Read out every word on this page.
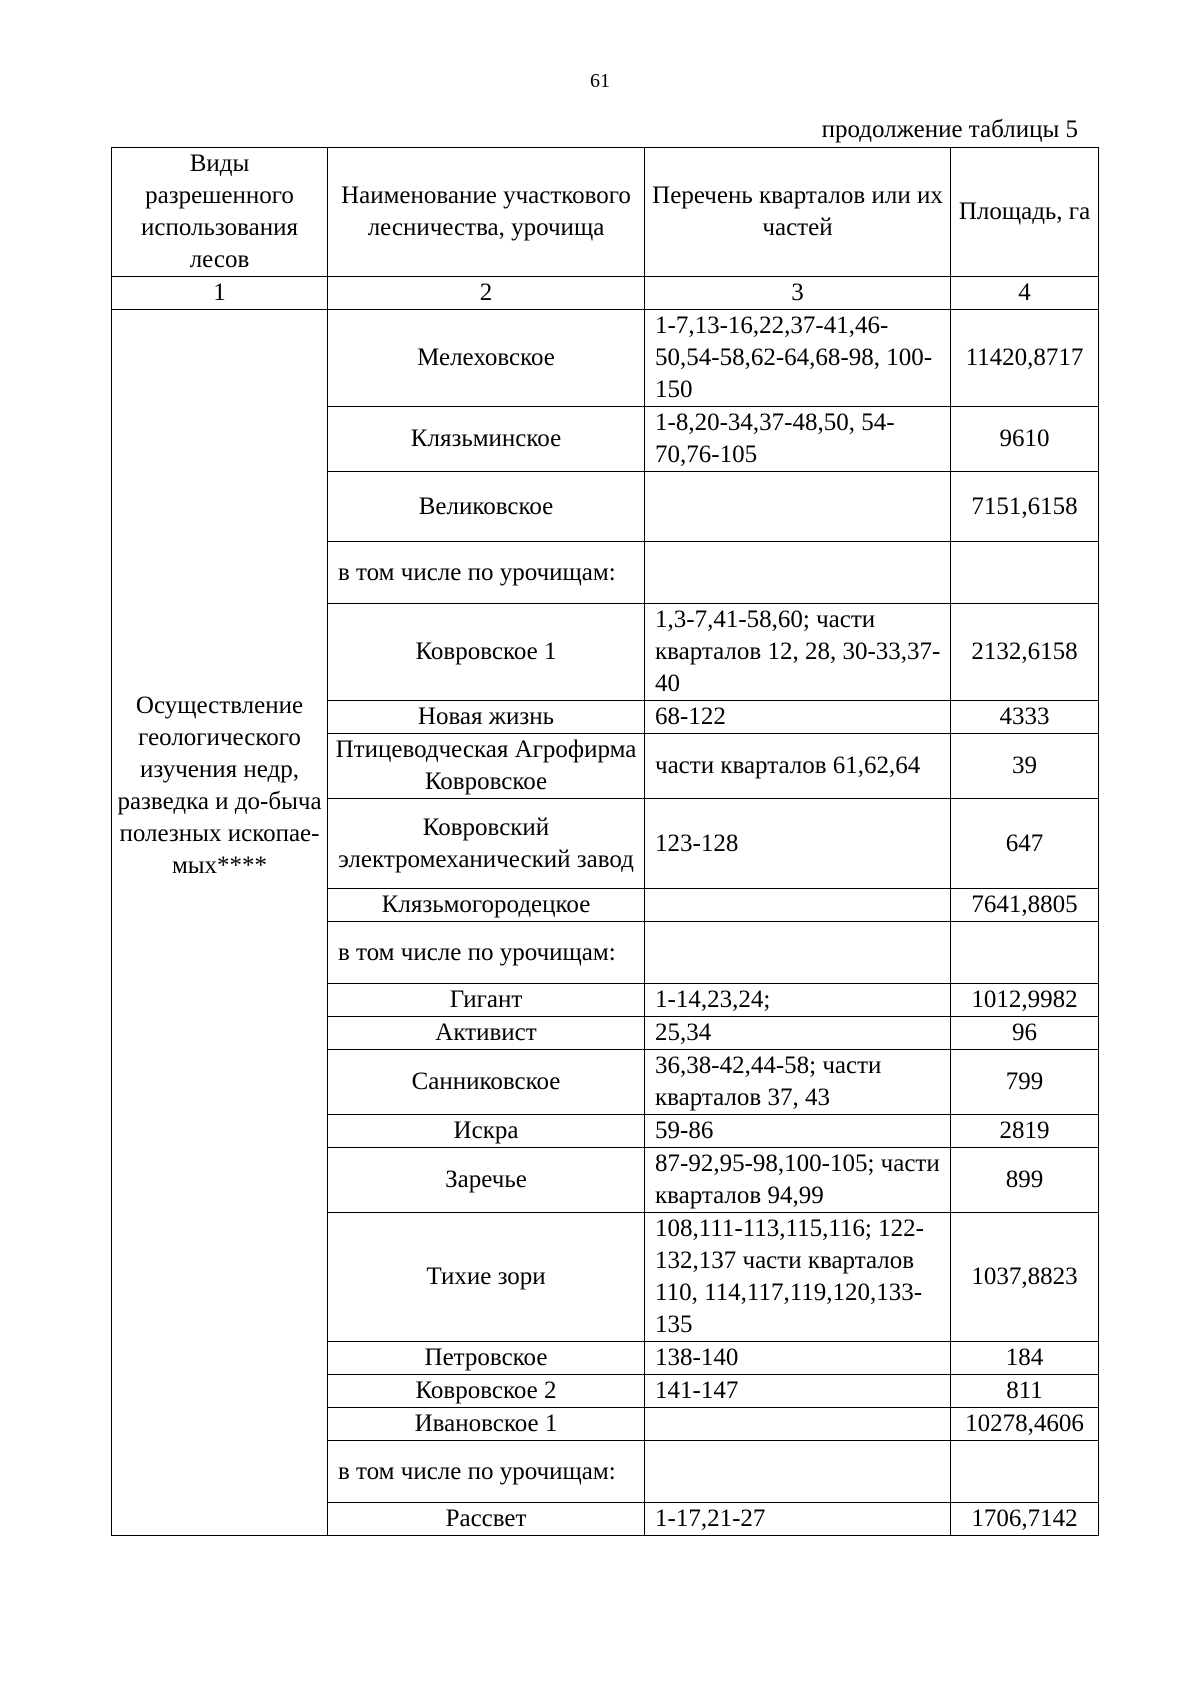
61
продолжение таблицы 5
Виды разрешенного использования лесов	Наименование участкового лесничества, урочища	Перечень кварталов или их частей	Площадь, га
1	2	3	4
Осуществление геологического изучения недр, разведка и до-быча полезных ископае-мых****	Мелеховское	1-7,13-16,22,37-41,46-50,54-58,62-64,68-98, 100-150	11420,8717
	Клязьминское	1-8,20-34,37-48,50, 54-70,76-105	9610
	Великовское		7151,6158
	в том числе по урочищам:		
	Ковровское 1	1,3-7,41-58,60; части кварталов 12, 28, 30-33,37-40	2132,6158
	Новая жизнь	68-122	4333
	Птицеводческая Агрофирма Ковровское	части кварталов 61,62,64	39
	Ковровский электромеханический завод	123-128	647
	Клязьмогородецкое		7641,8805
	в том числе по урочищам:		
	Гигант	1-14,23,24;	1012,9982
	Активист	25,34	96
	Санниковское	36,38-42,44-58; части кварталов 37, 43	799
	Искра	59-86	2819
	Заречье	87-92,95-98,100-105; части кварталов 94,99	899
	Тихие зори	108,111-113,115,116; 122-132,137 части кварталов 110, 114,117,119,120,133-135	1037,8823
	Петровское	138-140	184
	Ковровское 2	141-147	811
	Ивановское 1		10278,4606
	в том числе по урочищам:		
	Рассвет	1-17,21-27	1706,7142
